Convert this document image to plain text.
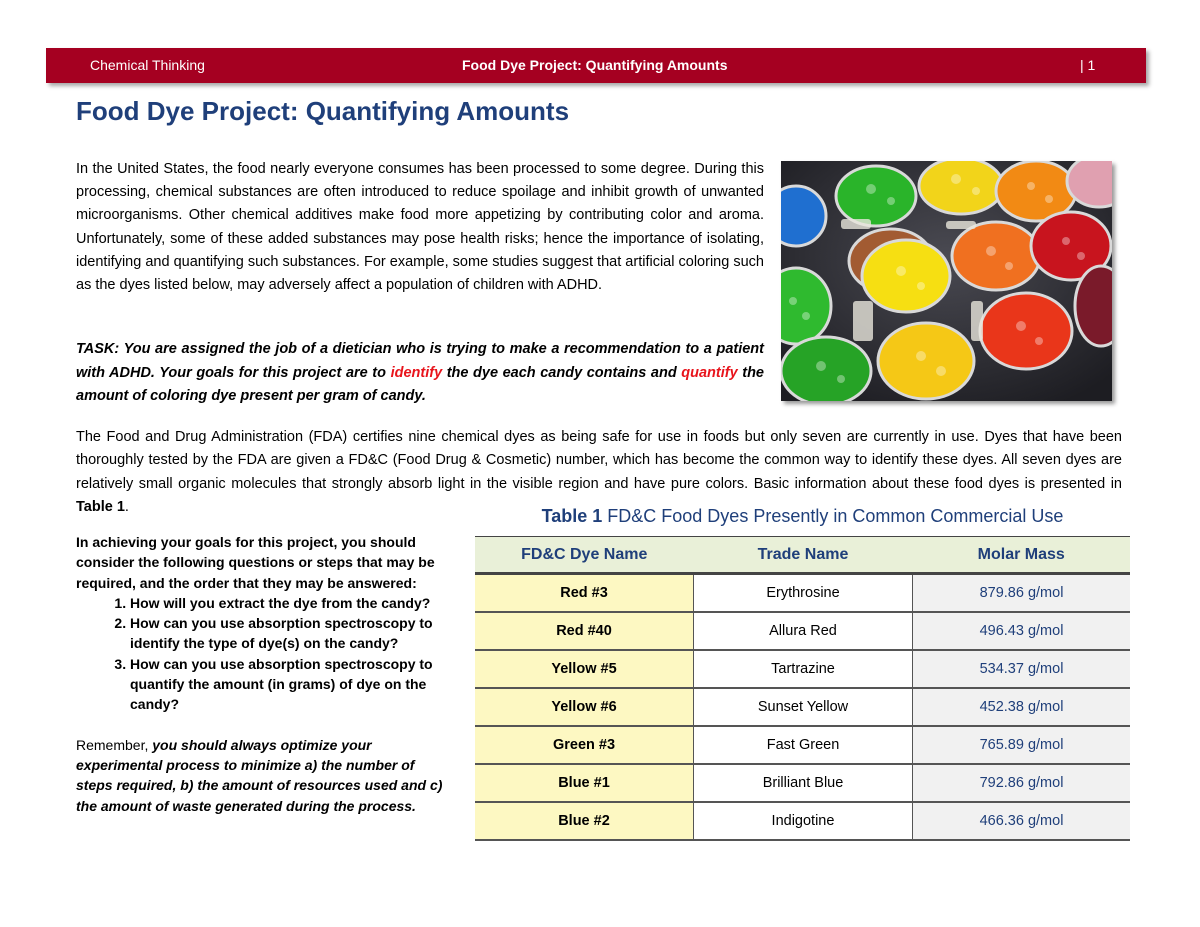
Chemical Thinking	Food Dye Project: Quantifying Amounts	| 1
Food Dye Project: Quantifying Amounts

In the United States, the food nearly everyone consumes has been processed to some degree. During this processing, chemical substances are often introduced to reduce spoilage and inhibit growth of unwanted microorganisms. Other chemical additives make food more appetizing by contributing color and aroma. Unfortunately, some of these added substances may pose health risks; hence the importance of isolating, identifying and quantifying such substances. For example, some studies suggest that artificial coloring such as the dyes listed below, may adversely affect a population of children with ADHD.

TASK: You are assigned the job of a dietician who is trying to make a recommendation to a patient with ADHD. Your goals for this project are to identify the dye each candy contains and quantify the amount of coloring dye present per gram of candy.

The Food and Drug Administration (FDA) certifies nine chemical dyes as being safe for use in foods but only seven are currently in use. Dyes that have been thoroughly tested by the FDA are given a FD&C (Food Drug & Cosmetic) number, which has become the common way to identify these dyes. All seven dyes are relatively small organic molecules that strongly absorb light in the visible region and have pure colors. Basic information about these food dyes is presented in Table 1.

In achieving your goals for this project, you should consider the following questions or steps that may be required, and the order that they may be answered:

1. How will you extract the dye from the candy?
2. How can you use absorption spectroscopy to identify the type of dye(s) on the candy?
3. How can you use absorption spectroscopy to quantify the amount (in grams) of dye on the candy?

Remember, you should always optimize your experimental process to minimize a) the number of steps required, b) the amount of resources used and c) the amount of waste generated during the process.

Table 1 FD&C Food Dyes Presently in Common Commercial Use
FD&C Dye Name	Trade Name	Molar Mass
Red #3	Erythrosine	879.86 g/mol
Red #40	Allura Red	496.43 g/mol
Yellow #5	Tartrazine	534.37 g/mol
Yellow #6	Sunset Yellow	452.38 g/mol
Green #3	Fast Green	765.89 g/mol
Blue #1	Brilliant Blue	792.86 g/mol
Blue #2	Indigotine	466.36 g/mol
